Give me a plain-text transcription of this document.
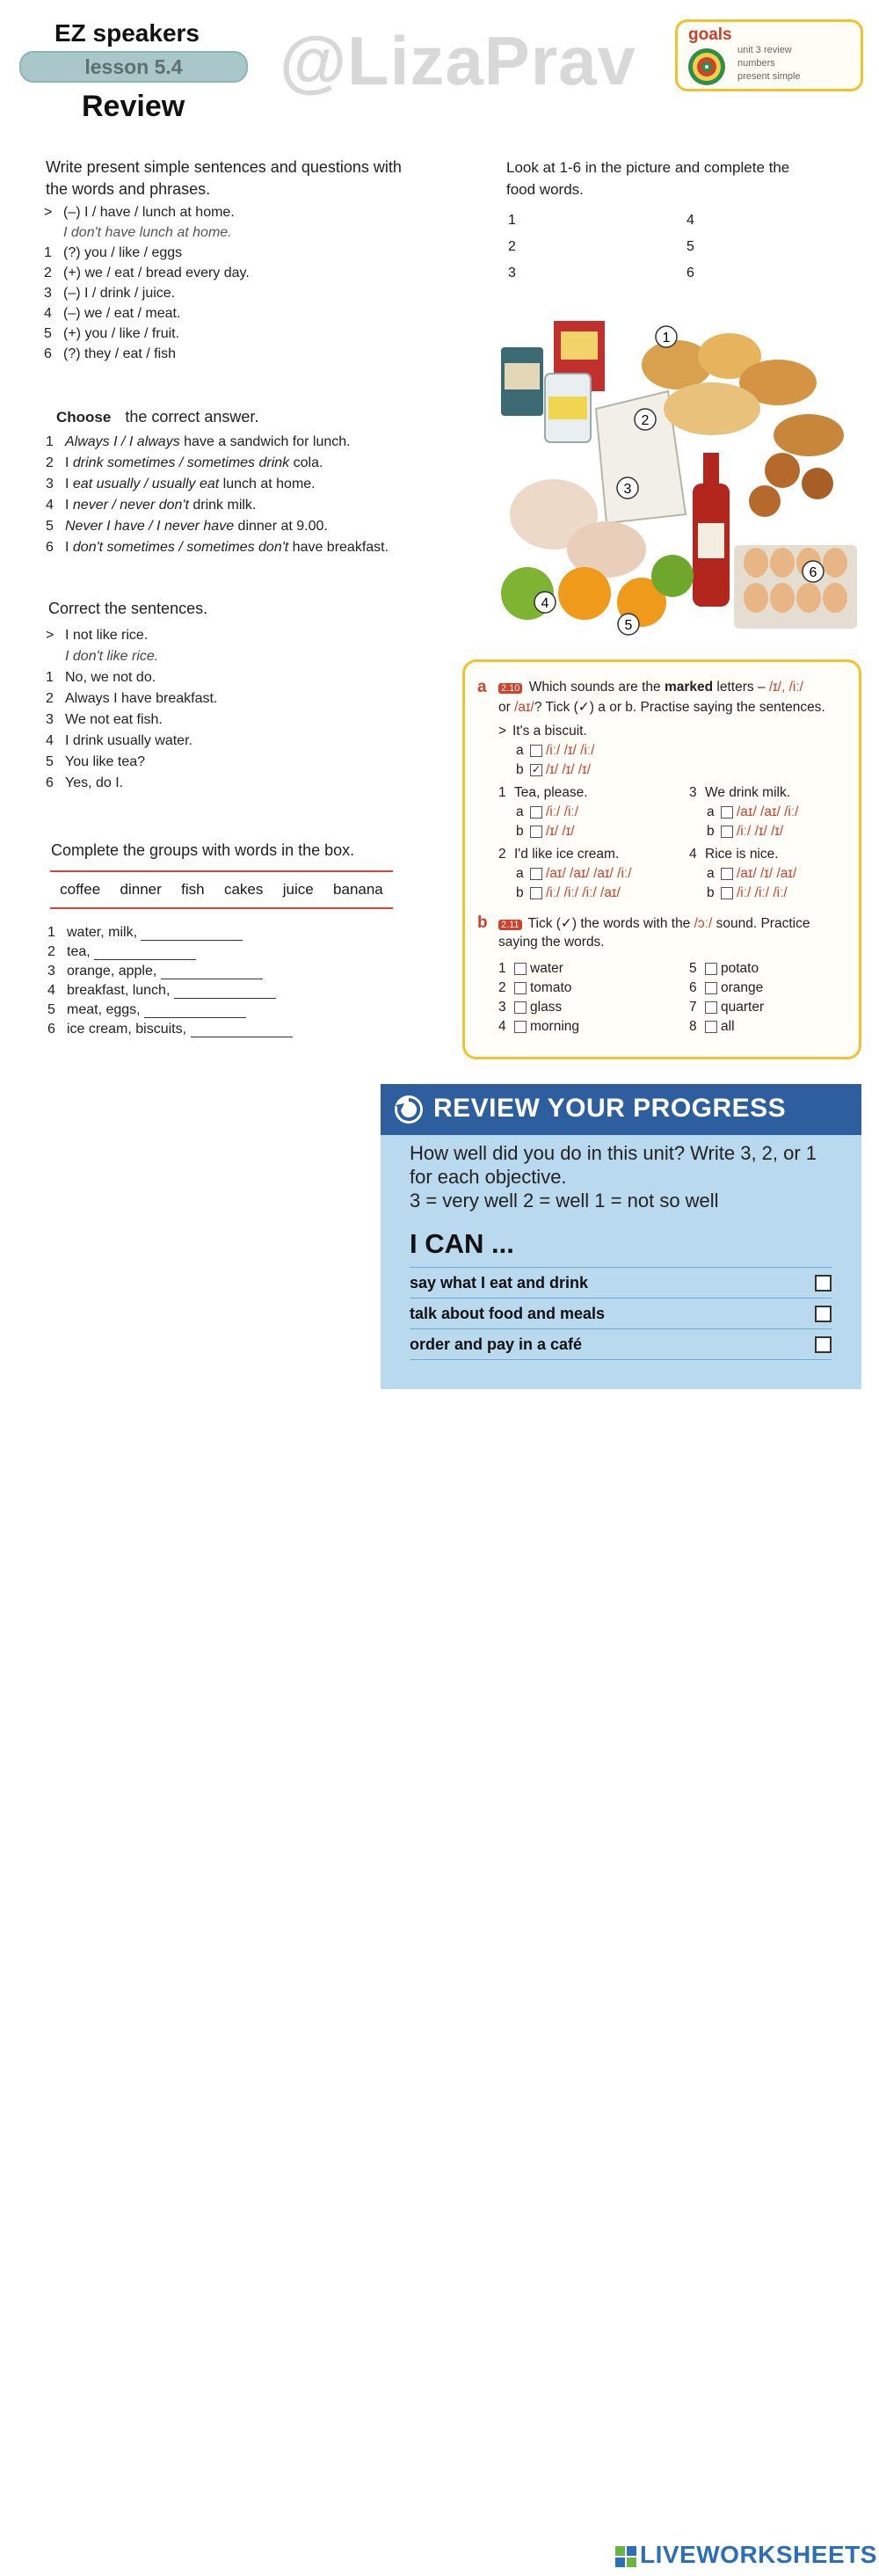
EZ speakers
lesson 5.4
Review
@LizaPrav	goals
unit 3 review
numbers
present simple
Write present simple sentences and questions with the words and phrases.
> (–) I / have / lunch at home.
I don't have lunch at home.
1 (?) you / like / eggs
2 (+) we / eat / bread every day.
3 (–) I / drink / juice.
4 (–) we / eat / meat.
5 (+) you / like / fruit.
6 (?) they / eat / fish
Choose the correct answer.
1 Always I / I always have a sandwich for lunch.
2 I drink sometimes / sometimes drink cola.
3 I eat usually / usually eat lunch at home.
4 I never / never don't drink milk.
5 Never I have / I never have dinner at 9.00.
6 I don't sometimes / sometimes don't have breakfast.
Correct the sentences.
> I not like rice.
I don't like rice.
1 No, we not do.
2 Always I have breakfast.
3 We not eat fish.
4 I drink usually water.
5 You like tea?
6 Yes, do I.
Complete the groups with words in the box.
coffee dinner fish cakes juice banana
1 water, milk,
2 tea,
3 orange, apple,
4 breakfast, lunch,
5 meat, eggs,
6 ice cream, biscuits,
Look at 1-6 in the picture and complete the food words.
1
2
3
4
5
6
1
2
3
4
5
6
a 2.10 Which sounds are the marked letters – /ɪ/, /iː/
or /aɪ/? Tick (✓) a or b. Practise saying the sentences.
> It's a biscuit.
a /iː/ /ɪ/ /iː/
b ✓ /ɪ/ /ɪ/ /ɪ/
1 Tea, please.
a /iː/ /iː/
b /ɪ/ /ɪ/
2 I'd like ice cream.
a /aɪ/ /aɪ/ /aɪ/ /iː/
b /iː/ /iː/ /iː/ /aɪ/
3 We drink milk.
a /aɪ/ /aɪ/ /iː/
b /iː/ /ɪ/ /ɪ/
4 Rice is nice.
a /aɪ/ /ɪ/ /aɪ/
b /iː/ /iː/ /iː/
b 2.11 Tick (✓) the words with the /ɔː/ sound. Practice
saying the words.
1 water
2 tomato
3 glass
4 morning
5 potato
6 orange
7 quarter
8 all
REVIEW YOUR PROGRESS
How well did you do in this unit? Write 3, 2, or 1
for each objective.
3 = very well 2 = well 1 = not so well
I CAN ...
say what I eat and drink
talk about food and meals
order and pay in a café
LIVEWORKSHEETS
